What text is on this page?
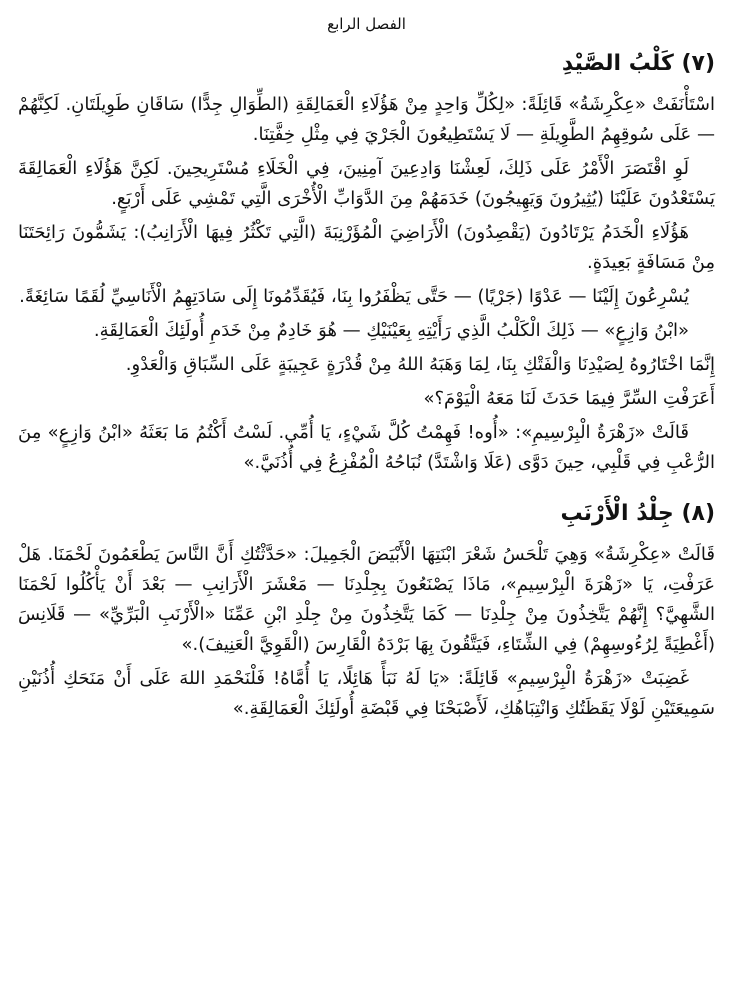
الفصل الرابع
(٧) كَلْبُ الصَّيْدِ

اسْتَأْنَفَتْ «عِكْرِشَةُ» قَائِلَةً: «لِكُلِّ وَاحِدٍ مِنْ هَؤُلَاءِ الْعَمَالِقَةِ (الطِّوَالِ جِدًّا) سَاقَانِ طَوِيلَتَانِ. لَكِنَّهُمْ — عَلَى سُوقِهِمُ الطَّوِيلَةِ — لَا يَسْتَطِيعُونَ الْجَرْيَ فِي مِثْلِ خِفَّتِنَا.

لَوِ اقْتَصَرَ الْأَمْرُ عَلَى ذَلِكَ، لَعِشْنَا وَادِعِينَ آمِنِينَ، فِي الْخَلَاءِ مُسْتَرِيحِينَ. لَكِنَّ هَؤُلَاءِ الْعَمَالِقَةَ يَسْتَعْدُونَ عَلَيْنَا (يُثِيرُونَ وَيَهِيجُونَ) خَدَمَهُمْ مِنَ الدَّوَابِّ الْأُخْرَى الَّتِي تَمْشِي عَلَى أَرْبَعٍ.

هَؤُلَاءِ الْخَدَمُ يَرْتَادُونَ (يَقْصِدُونَ) الْأَرَاضِيَ الْمُؤَرْنِبَةَ (الَّتِي تَكْثُرُ فِيهَا الْأَرَانِبُ): يَشَمُّونَ رَائِحَتَنَا مِنْ مَسَافَةٍ بَعِيدَةٍ.

يُسْرِعُونَ إِلَيْنَا — عَدْوًا (جَرْيًا) — حَتَّى يَظْفَرُوا بِنَا، فَيُقَدِّمُونَا إِلَى سَادَتِهِمُ الْأَنَاسِيِّ لُقَمًا سَائِغَةً.

«ابْنُ وَازِعٍ» — ذَلِكَ الْكَلْبُ الَّذِي رَأَيْتِهِ بِعَيْنَيْكِ — هُوَ خَادِمٌ مِنْ خَدَمِ أُولَئِكَ الْعَمَالِقَةِ.

إِنَّمَا اخْتَارُوهُ لِصَيْدِنَا وَالْفَتْكِ بِنَا، لِمَا وَهَبَهُ اللهُ مِنْ قُدْرَةٍ عَجِيبَةٍ عَلَى السِّبَاقِ وَالْعَدْوِ.

أَعَرَفْتِ السِّرَّ فِيمَا حَدَثَ لَنَا مَعَهُ الْيَوْمَ؟»

قَالَتْ «زَهْرَةُ الْبِرْسِيمِ»: «أُوه! فَهِمْتُ كُلَّ شَيْءٍ، يَا أُمِّي. لَسْتُ أَكْتُمُ مَا بَعَثَهُ «ابْنُ وَازِعٍ» مِنَ الرُّعْبِ فِي قَلْبِي، حِينَ دَوَّى (عَلَا وَاشْتَدَّ) نُبَاحُهُ الْمُفْزِعُ فِي أُذُنَيَّ.»

(٨) جِلْدُ الْأَرْنَبِ

قَالَتْ «عِكْرِشَةُ» وَهِيَ تَلْحَسُ شَعْرَ ابْنَتِهَا الْأَبْيَضَ الْجَمِيلَ: «حَدَّثْتُكِ أَنَّ النَّاسَ يَطْعَمُونَ لَحْمَنَا. هَلْ عَرَفْتِ، يَا «زَهْرَةَ الْبِرْسِيمِ»، مَاذَا يَصْنَعُونَ بِجِلْدِنَا — مَعْشَرَ الْأَرَانِبِ — بَعْدَ أَنْ يَأْكُلُوا لَحْمَنَا الشَّهِيَّ؟ إِنَّهُمْ يَتَّخِذُونَ مِنْ جِلْدِنَا — كَمَا يَتَّخِذُونَ مِنْ جِلْدِ ابْنِ عَمِّنَا «الْأَرْنَبِ الْبَرِّيِّ» — قَلَانِسَ (أَغْطِيَةً لِرُءُوسِهِمْ) فِي الشِّتَاءِ، فَيَتَّقُونَ بِهَا بَرْدَهُ الْقَارِسَ (الْقَوِيَّ الْعَنِيفَ).»

غَضِبَتْ «زَهْرَةُ الْبِرْسِيمِ» قَائِلَةً: «يَا لَهُ نَبَأً هَائِلًا، يَا أُمَّاهُ! فَلْنَحْمَدِ اللهَ عَلَى أَنْ مَنَحَكِ أُذُنَيْنِ سَمِيعَتَيْنِ لَوْلَا يَقَظَتُكِ وَانْتِبَاهُكِ، لَأَصْبَحْنَا فِي قَبْضَةِ أُولَئِكَ الْعَمَالِقَةِ.»
